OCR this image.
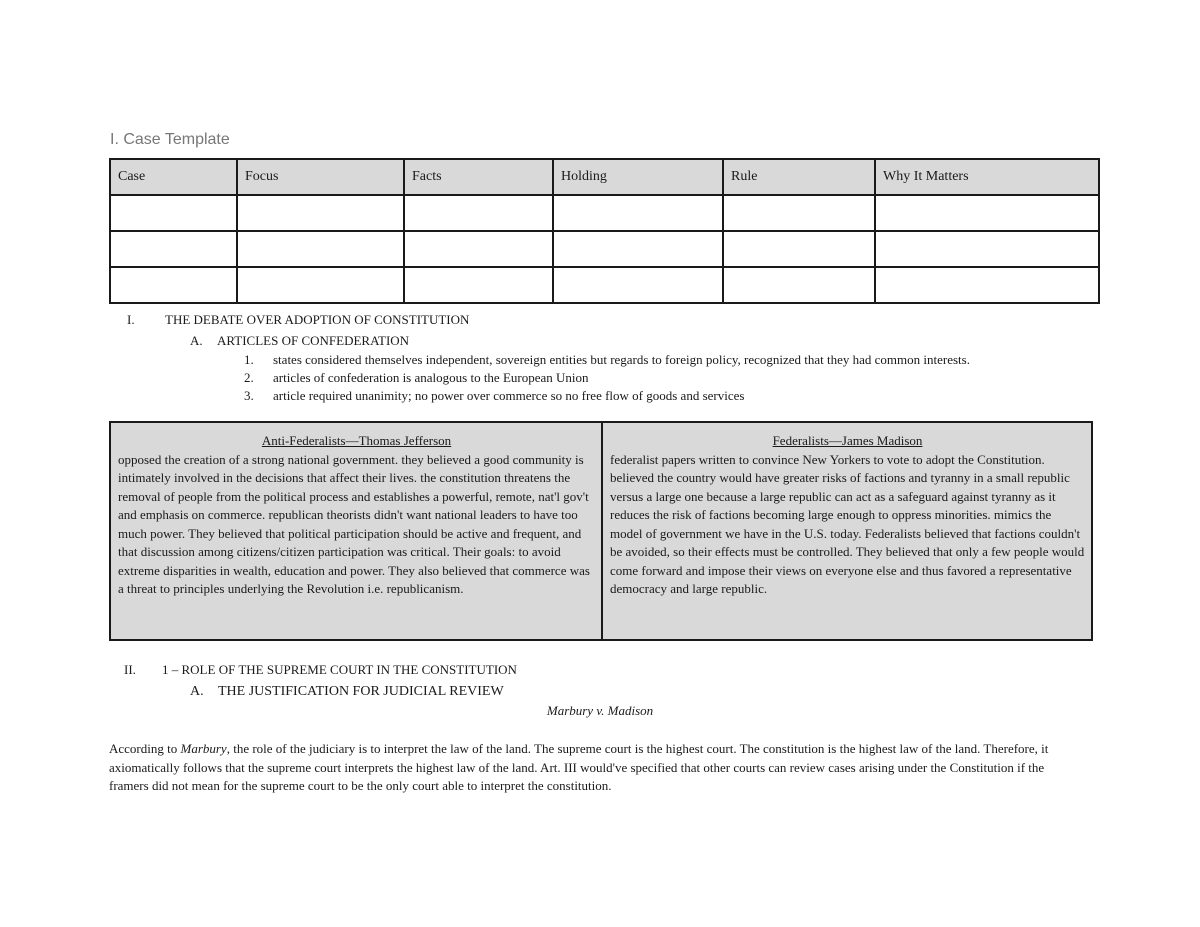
I. Case Template
Case	Focus	Facts	Holding	Rule	Why It Matters

I. THE DEBATE OVER ADOPTION OF CONSTITUTION
A. ARTICLES OF CONFEDERATION
1. states considered themselves independent, sovereign entities but regards to foreign policy, recognized that they had common interests.
2. articles of confederation is analogous to the European Union
3. article required unanimity; no power over commerce so no free flow of goods and services
Anti-Federalists—Thomas Jefferson
opposed the creation of a strong national government. they believed a good community is intimately involved in the decisions that affect their lives. the constitution threatens the removal of people from the political process and establishes a powerful, remote, nat'l gov't and emphasis on commerce. republican theorists didn't want national leaders to have too much power. They believed that political participation should be active and frequent, and that discussion among citizens/citizen participation was critical. Their goals: to avoid extreme disparities in wealth, education and power. They also believed that commerce was a threat to principles underlying the Revolution i.e. republicanism.
Federalists—James Madison
federalist papers written to convince New Yorkers to vote to adopt the Constitution. believed the country would have greater risks of factions and tyranny in a small republic versus a large one because a large republic can act as a safeguard against tyranny as it reduces the risk of factions becoming large enough to oppress minorities. mimics the model of government we have in the U.S. today. Federalists believed that factions couldn't be avoided, so their effects must be controlled. They believed that only a few people would come forward and impose their views on everyone else and thus favored a representative democracy and large republic.
II. 1 – ROLE OF THE SUPREME COURT IN THE CONSTITUTION
A. THE JUSTIFICATION FOR JUDICIAL REVIEW
Marbury v. Madison

According to Marbury, the role of the judiciary is to interpret the law of the land. The supreme court is the highest court. The constitution is the highest law of the land. Therefore, it axiomatically follows that the supreme court interprets the highest law of the land. Art. III would've specified that other courts can review cases arising under the Constitution if the framers did not mean for the supreme court to be the only court able to interpret the constitution.
